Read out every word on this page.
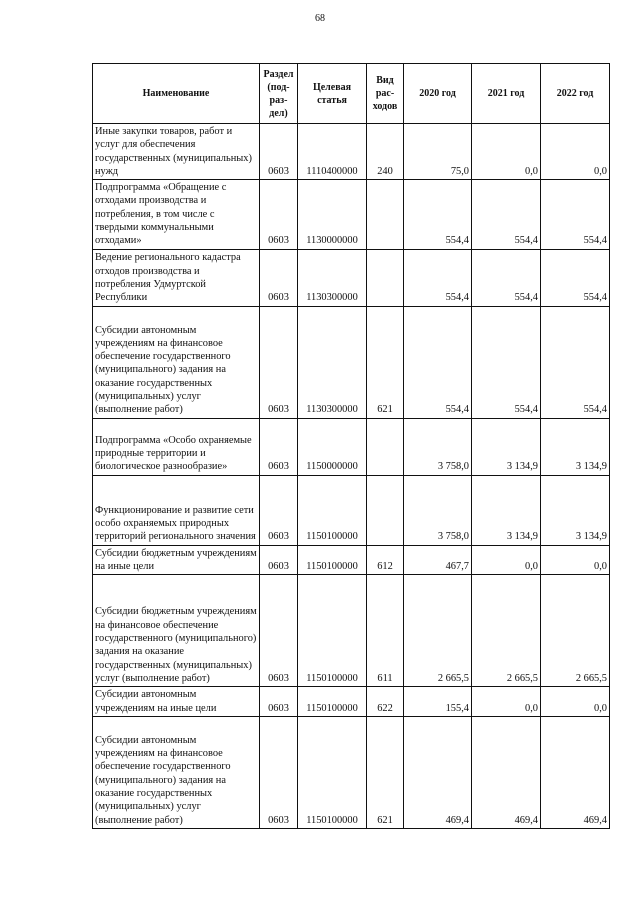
68
Наименование	Раздел (под-раз-дел)	Целевая статья	Вид рас-ходов	2020 год	2021 год	2022 год
Иные закупки товаров, работ и услуг для обеспечения государственных (муниципальных) нужд	0603	1110400000	240	75,0	0,0	0,0
Подпрограмма «Обращение с отходами производства и потребления, в том числе с твердыми коммунальными отходами»	0603	1130000000		554,4	554,4	554,4
Ведение регионального кадастра отходов производства и потребления Удмуртской Республики	0603	1130300000		554,4	554,4	554,4
Субсидии автономным учреждениям на финансовое обеспечение государственного (муниципального) задания на оказание государственных (муниципальных) услуг (выполнение работ)	0603	1130300000	621	554,4	554,4	554,4
Подпрограмма «Особо охраняемые природные территории и биологическое разнообразие»	0603	1150000000		3 758,0	3 134,9	3 134,9
Функционирование и развитие сети особо охраняемых природных территорий регионального значения	0603	1150100000		3 758,0	3 134,9	3 134,9
Субсидии бюджетным учреждениям на иные цели	0603	1150100000	612	467,7	0,0	0,0
Субсидии бюджетным учреждениям на финансовое обеспечение государственного (муниципального) задания на оказание государственных (муниципальных) услуг (выполнение работ)	0603	1150100000	611	2 665,5	2 665,5	2 665,5
Субсидии автономным учреждениям на иные цели	0603	1150100000	622	155,4	0,0	0,0
Субсидии автономным учреждениям на финансовое обеспечение государственного (муниципального) задания на оказание государственных (муниципальных) услуг (выполнение работ)	0603	1150100000	621	469,4	469,4	469,4
